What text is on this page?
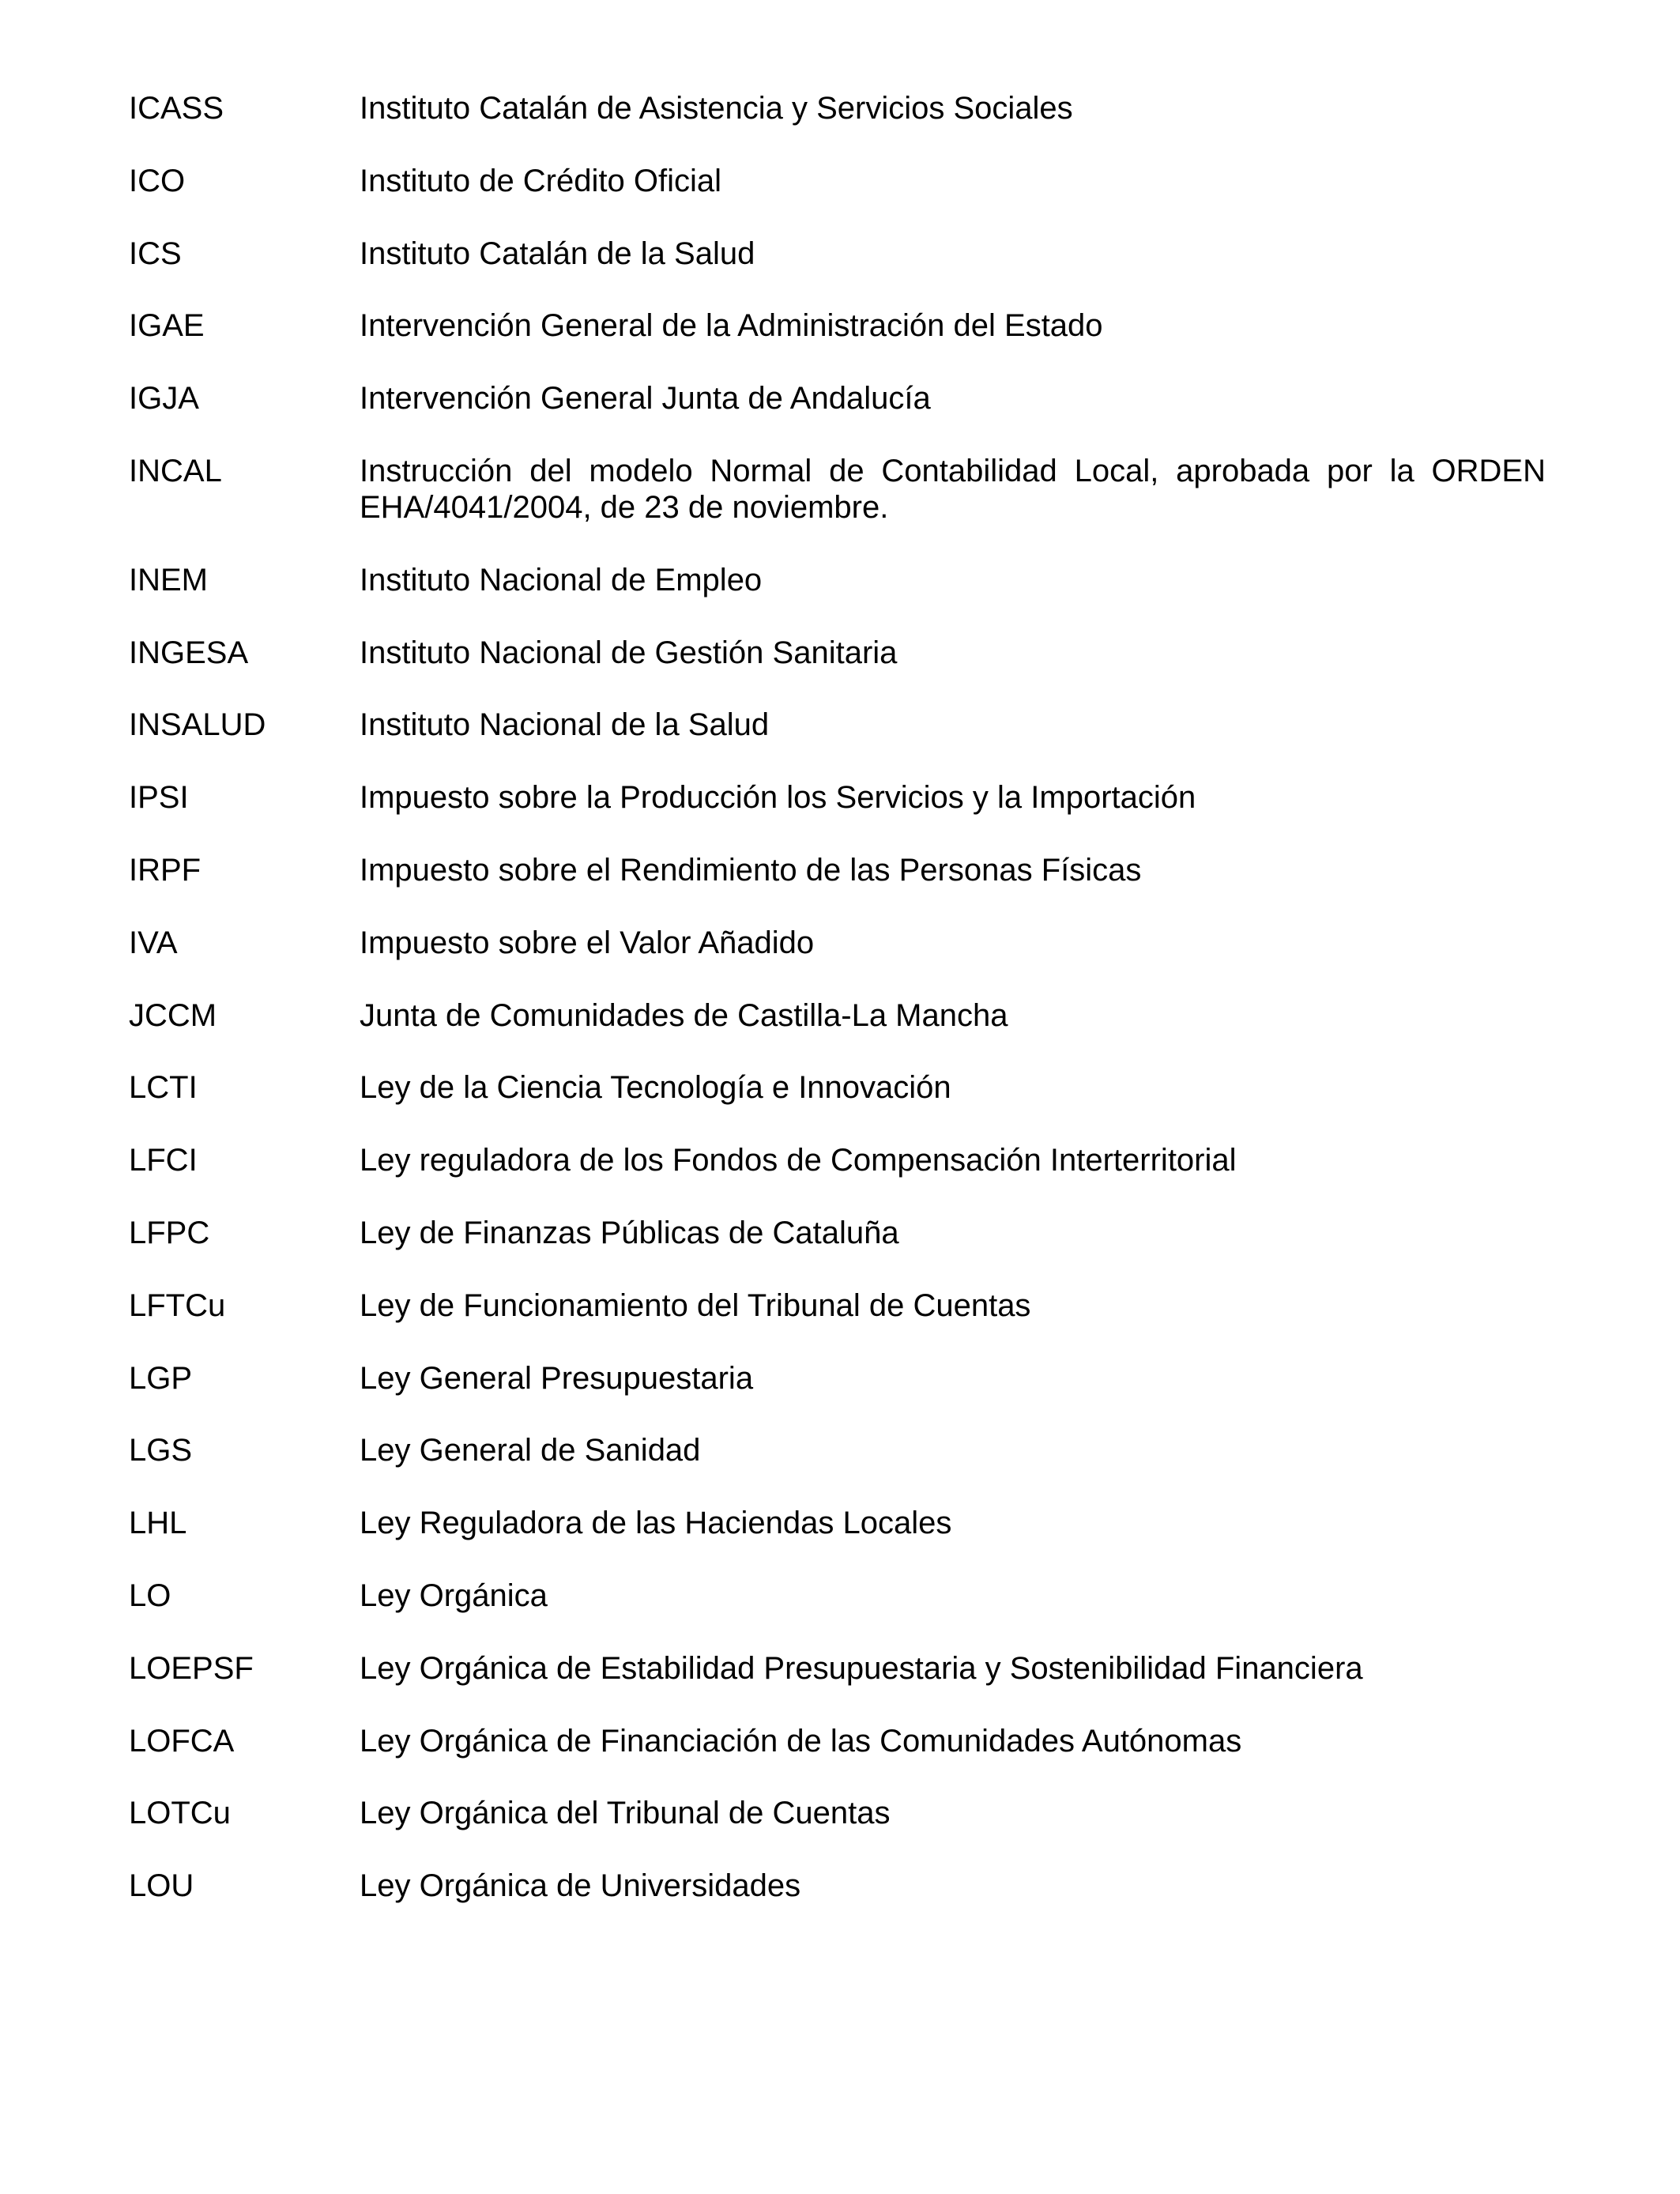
ICASS	Instituto Catalán de Asistencia y Servicios Sociales
ICO	Instituto de Crédito Oficial
ICS	Instituto Catalán de la Salud
IGAE	Intervención General de la Administración del Estado
IGJA	Intervención General Junta de Andalucía
INCAL	Instrucción del modelo Normal de Contabilidad Local, aprobada por la ORDEN EHA/4041/2004, de 23 de noviembre.
INEM	Instituto Nacional de Empleo
INGESA	Instituto Nacional de Gestión Sanitaria
INSALUD	Instituto Nacional de la Salud
IPSI	Impuesto sobre la Producción los Servicios y la Importación
IRPF	Impuesto sobre el Rendimiento de las Personas Físicas
IVA	Impuesto sobre el Valor Añadido
JCCM	Junta de Comunidades de Castilla-La Mancha
LCTI	Ley de la Ciencia Tecnología e Innovación
LFCI	Ley reguladora de los Fondos de Compensación Interterritorial
LFPC	Ley de Finanzas Públicas de Cataluña
LFTCu	Ley de Funcionamiento del Tribunal de Cuentas
LGP	Ley General Presupuestaria
LGS	Ley General de Sanidad
LHL	Ley Reguladora de las Haciendas Locales
LO	Ley Orgánica
LOEPSF	Ley Orgánica de Estabilidad Presupuestaria y Sostenibilidad Financiera
LOFCA	Ley Orgánica de Financiación de las Comunidades Autónomas
LOTCu	Ley Orgánica del Tribunal de Cuentas
LOU	Ley Orgánica de Universidades
